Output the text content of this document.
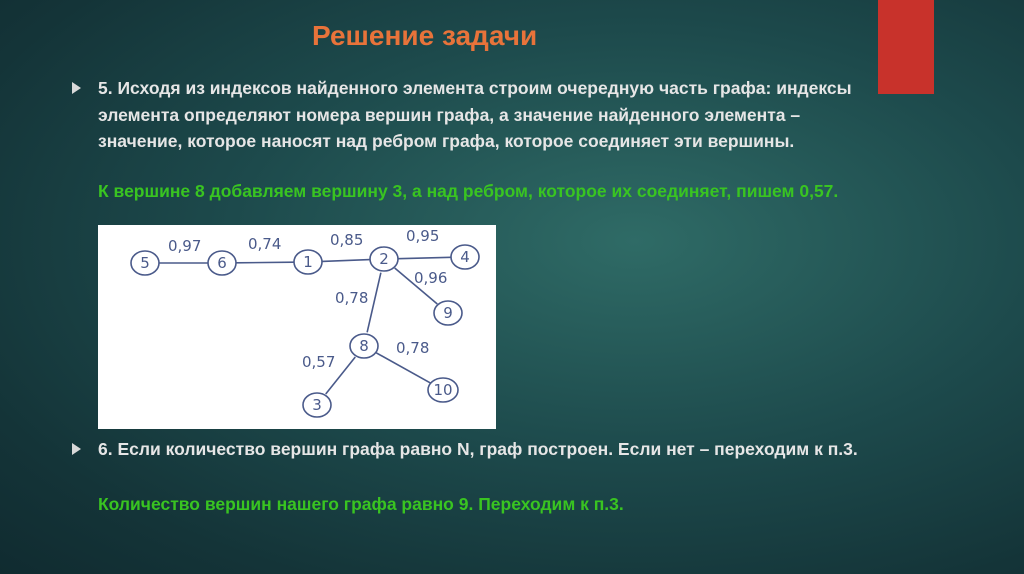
Решение задачи
5. Исходя из индексов найденного элемента строим очередную часть графа: индексы элемента определяют номера вершин графа, а значение найденного элемента – значение, которое наносят над ребром графа, которое соединяет эти вершины.
К вершине 8 добавляем вершину 3, а над ребром, которое их соединяет, пишем 0,57.
0,97	0,74	0,85	0,95
0,96
0,78
0,57
0,78
5	6	1	2	4
9
8
3
10
6. Если количество вершин графа равно N, граф построен. Если нет – переходим к п.3.
Количество вершин нашего графа равно 9. Переходим к п.3.
